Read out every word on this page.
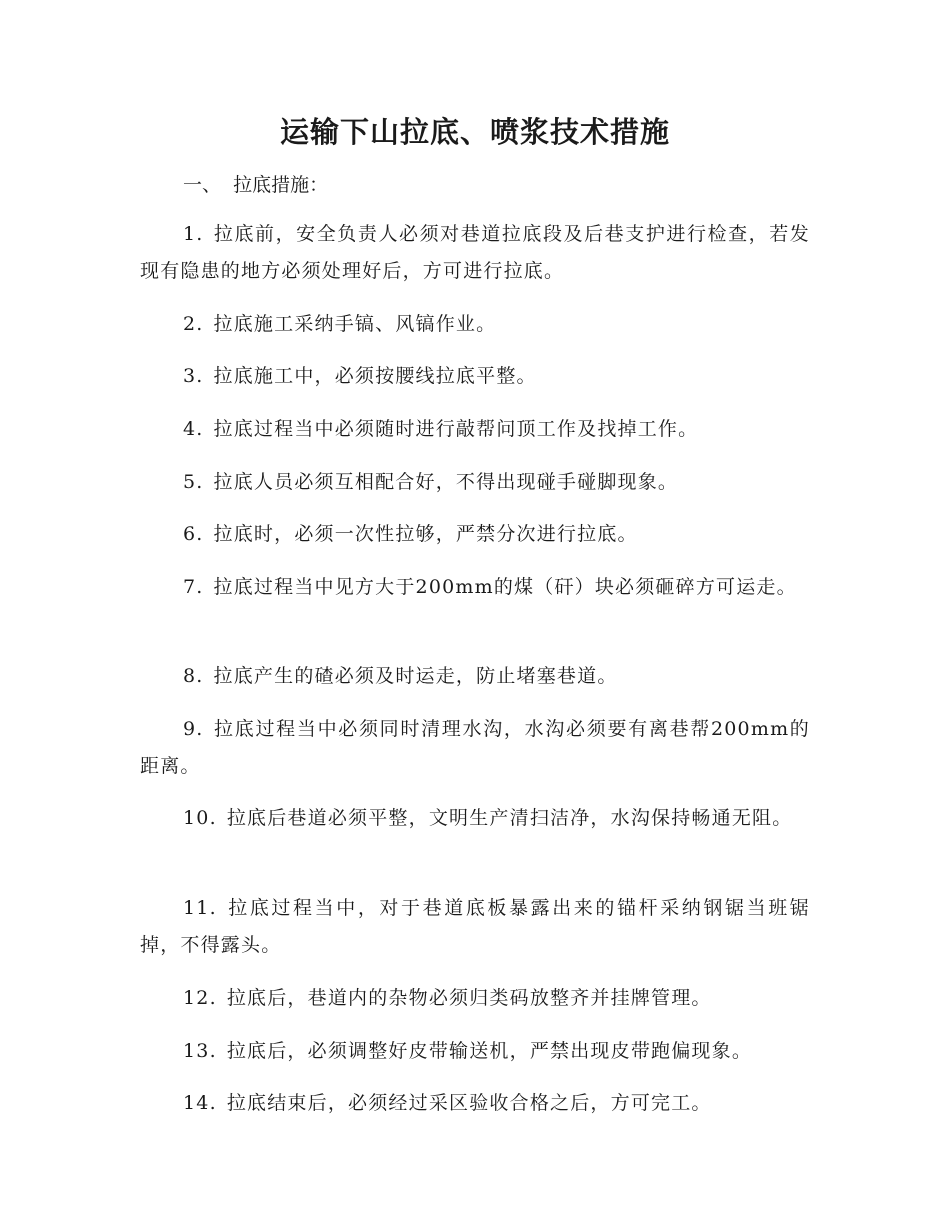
运输下山拉底、喷浆技术措施
一、  拉底措施：
1. 拉底前，安全负责人必须对巷道拉底段及后巷支护进行检查，若发现有隐患的地方必须处理好后，方可进行拉底。
2. 拉底施工采纳手镐、风镐作业。
3. 拉底施工中，必须按腰线拉底平整。
4. 拉底过程当中必须随时进行敲帮问顶工作及找掉工作。
5. 拉底人员必须互相配合好，不得出现碰手碰脚现象。
6. 拉底时，必须一次性拉够，严禁分次进行拉底。
7. 拉底过程当中见方大于200mm的煤（矸）块必须砸碎方可运走。
8. 拉底产生的碴必须及时运走，防止堵塞巷道。
9. 拉底过程当中必须同时清理水沟，水沟必须要有离巷帮200mm的距离。
10. 拉底后巷道必须平整，文明生产清扫洁净，水沟保持畅通无阻。
11. 拉底过程当中，对于巷道底板暴露出来的锚杆采纳钢锯当班锯掉，不得露头。
12. 拉底后，巷道内的杂物必须归类码放整齐并挂牌管理。
13. 拉底后，必须调整好皮带输送机，严禁出现皮带跑偏现象。
14. 拉底结束后，必须经过采区验收合格之后，方可完工。
